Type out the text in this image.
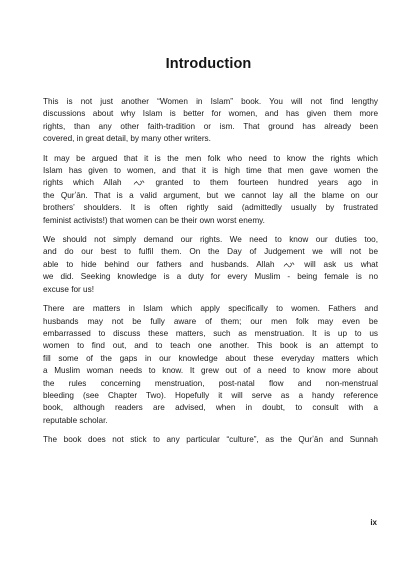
Introduction

This is not just another “Women in Islam” book. You will not find lengthy
discussions about why Islam is better for women, and has given them more
rights, than any other faith-tradition or ism. That ground has already been
covered, in great detail, by many other writers.

It may be argued that it is the men folk who need to know the rights which
Islam has given to women, and that it is high time that men gave women the
rights which Allah	granted to them fourteen hundred years ago in
the Qurʼān. That is a valid argument, but we cannot lay all the blame on our
brothers’ shoulders. It is often rightly said (admittedly usually by frustrated
feminist activists!) that women can be their own worst enemy.

We should not simply demand our rights. We need to know our duties too,
and do our best to fulfil them. On the Day of Judgement we will not be
able to hide behind our fathers and husbands. Allah	will ask us what
we did. Seeking knowledge is a duty for every Muslim - being female is no
excuse for us!

There are matters in Islam which apply specifically to women. Fathers and
husbands may not be fully aware of them; our men folk may even be
embarrassed to discuss these matters, such as menstruation. It is up to us
women to find out, and to teach one another. This book is an attempt to
fill some of the gaps in our knowledge about these everyday matters which
a Muslim woman needs to know. It grew out of a need to know more about
the rules concerning menstruation, post-natal flow and non-menstrual
bleeding (see Chapter Two). Hopefully it will serve as a handy reference
book, although readers are advised, when in doubt, to consult with a
reputable scholar.

The book does not stick to any particular “culture”, as the Qurʼān and Sunnah

ix
